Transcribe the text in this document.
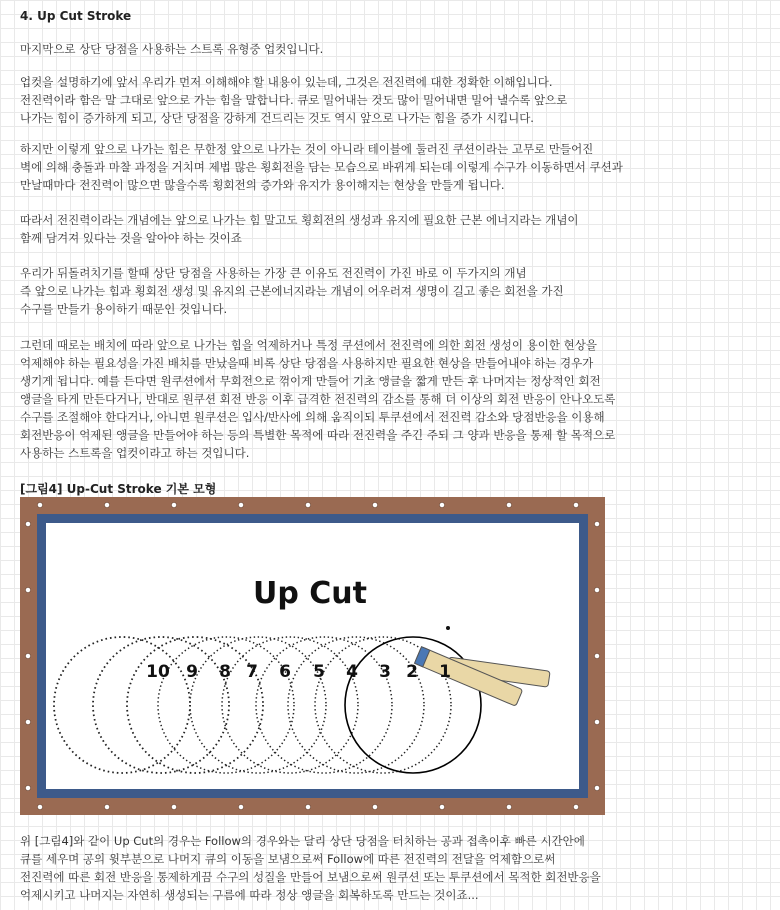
4. Up Cut Stroke
마지막으로 상단 당점을 사용하는 스트록 유형중 업컷입니다.
업컷을 설명하기에 앞서 우리가 먼저 이해해야 할 내용이 있는데, 그것은 전진력에 대한 정확한 이해입니다.
전진력이라 함은 말 그대로 앞으로 가는 힘을 말합니다. 큐로 밀어내는 것도 많이 밀어내면 밀어 낼수록 앞으로
나가는 힘이 증가하게 되고, 상단 당점을 강하게 건드리는 것도 역시 앞으로 나가는 힘을 증가 시킵니다.
하지만 이렇게 앞으로 나가는 힘은 무한정 앞으로 나가는 것이 아니라 테이블에 둘러진 쿠션이라는 고무로 만들어진
벽에 의해 충돌과 마찰 과정을 거치며 제법 많은 횡회전을 담는 모습으로 바뀌게 되는데 이렇게 수구가 이동하면서 쿠션과
만날때마다 전진력이 많으면 많을수록 횡회전의 증가와 유지가 용이해지는 현상을 만들게 됩니다.
따라서 전진력이라는 개념에는 앞으로 나가는 힘 말고도 횡회전의 생성과 유지에 필요한 근본 에너지라는 개념이
함께 담겨져 있다는 것을 알아야 하는 것이죠
우리가 뒤돌려치기를 할때 상단 당점을 사용하는 가장 큰 이유도 전진력이 가진 바로 이 두가지의 개념
즉 앞으로 나가는 힘과 횡회전 생성 및 유지의 근본에너지라는 개념이 어우러져 생명이 길고 좋은 회전을 가진
수구를 만들기 용이하기 때문인 것입니다.
그런데 때로는 배치에 따라 앞으로 나가는 힘을 억제하거나 특정 쿠션에서 전진력에 의한 회전 생성이 용이한 현상을
억제해야 하는 필요성을 가진 배치를 만났을때 비록 상단 당점을 사용하지만 필요한 현상을 만들어내야 하는 경우가
생기게 됩니다. 예를 든다면 원쿠션에서 무회전으로 꺾이게 만들어 기초 앵글을 짧게 만든 후 나머지는 정상적인 회전
앵글을 타게 만든다거나, 반대로 원쿠션 회전 반응 이후 급격한 전진력의 감소를 통해 더 이상의 회전 반응이 안나오도록
수구를 조절해야 한다거나, 아니면 원쿠션은 입사/반사에 의해 움직이되 투쿠션에서 전진력 감소와 당점반응을 이용해
회전반응이 억제된 앵글을 만들어야 하는 등의 특별한 목적에 따라 전진력을 주긴 주되 그 양과 반응을 통제 할 목적으로
사용하는 스트록을 업컷이라고 하는 것입니다.
[그림4] Up-Cut Stroke 기본 모형
Up Cut
10 9 8 7 6 5 4 3 2 1
위 [그림4]와 같이 Up Cut의 경우는 Follow의 경우와는 달리 상단 당점을 터치하는 공과 접촉이후 빠른 시간안에
큐를 세우며 공의 윗부분으로 나머지 큐의 이동을 보냄으로써 Follow에 따른 전진력의 전달을 억제함으로써
전진력에 따른 회전 반응을 통제하게끔 수구의 성질을 만들어 보냄으로써 원쿠션 또는 투쿠션에서 목적한 회전반응을
억제시키고 나머지는 자연히 생성되는 구름에 따라 정상 앵글을 회복하도록 만드는 것이죠...
